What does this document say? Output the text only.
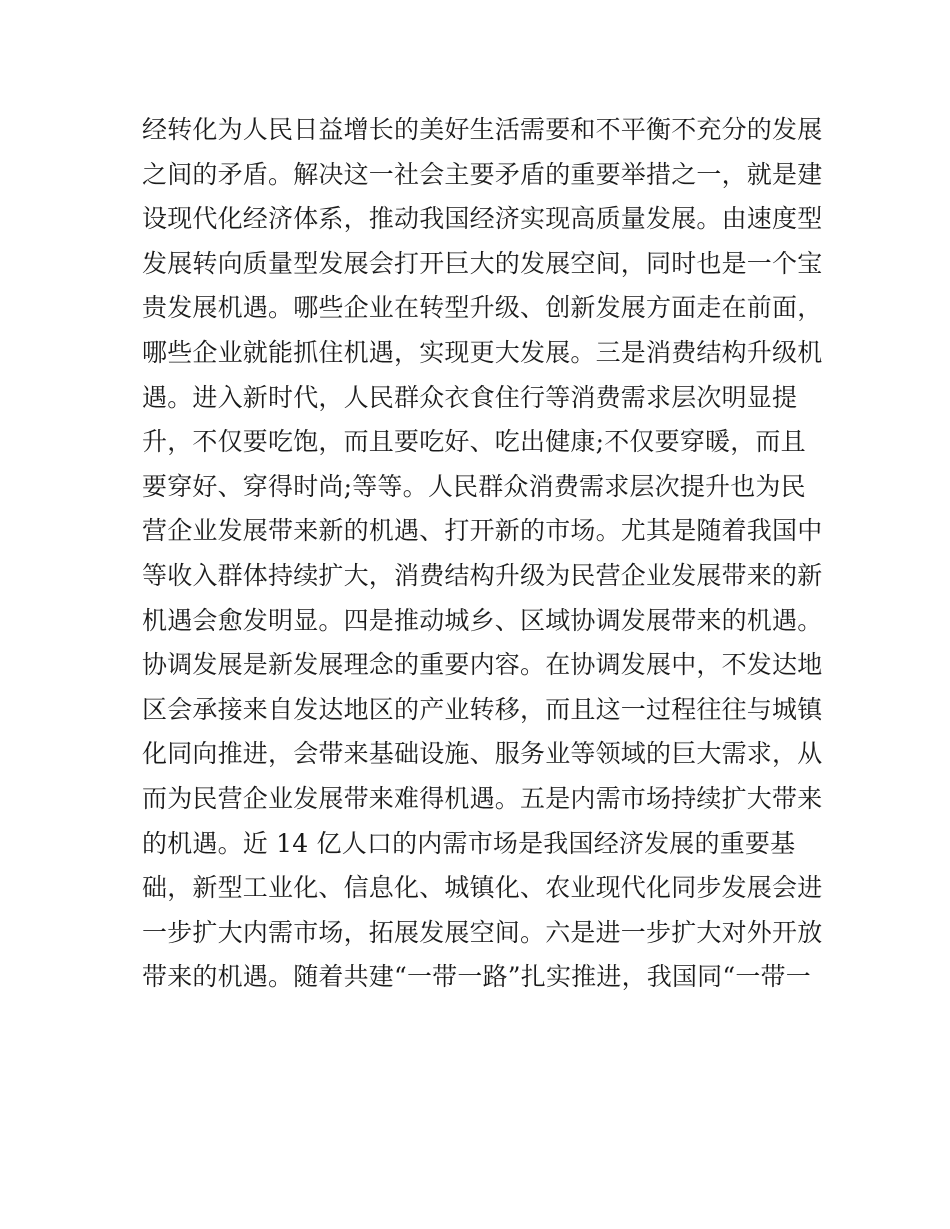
经转化为人民日益增长的美好生活需要和不平衡不充分的发展
之间的矛盾。解决这一社会主要矛盾的重要举措之一，就是建
设现代化经济体系，推动我国经济实现高质量发展。由速度型
发展转向质量型发展会打开巨大的发展空间，同时也是一个宝
贵发展机遇。哪些企业在转型升级、创新发展方面走在前面，
哪些企业就能抓住机遇，实现更大发展。三是消费结构升级机
遇。进入新时代，人民群众衣食住行等消费需求层次明显提
升，不仅要吃饱，而且要吃好、吃出健康;不仅要穿暖，而且
要穿好、穿得时尚;等等。人民群众消费需求层次提升也为民
营企业发展带来新的机遇、打开新的市场。尤其是随着我国中
等收入群体持续扩大，消费结构升级为民营企业发展带来的新
机遇会愈发明显。四是推动城乡、区域协调发展带来的机遇。
协调发展是新发展理念的重要内容。在协调发展中，不发达地
区会承接来自发达地区的产业转移，而且这一过程往往与城镇
化同向推进，会带来基础设施、服务业等领域的巨大需求，从
而为民营企业发展带来难得机遇。五是内需市场持续扩大带来
的机遇。近 14 亿人口的内需市场是我国经济发展的重要基
础，新型工业化、信息化、城镇化、农业现代化同步发展会进
一步扩大内需市场，拓展发展空间。六是进一步扩大对外开放
带来的机遇。随着共建“一带一路”扎实推进，我国同“一带一
